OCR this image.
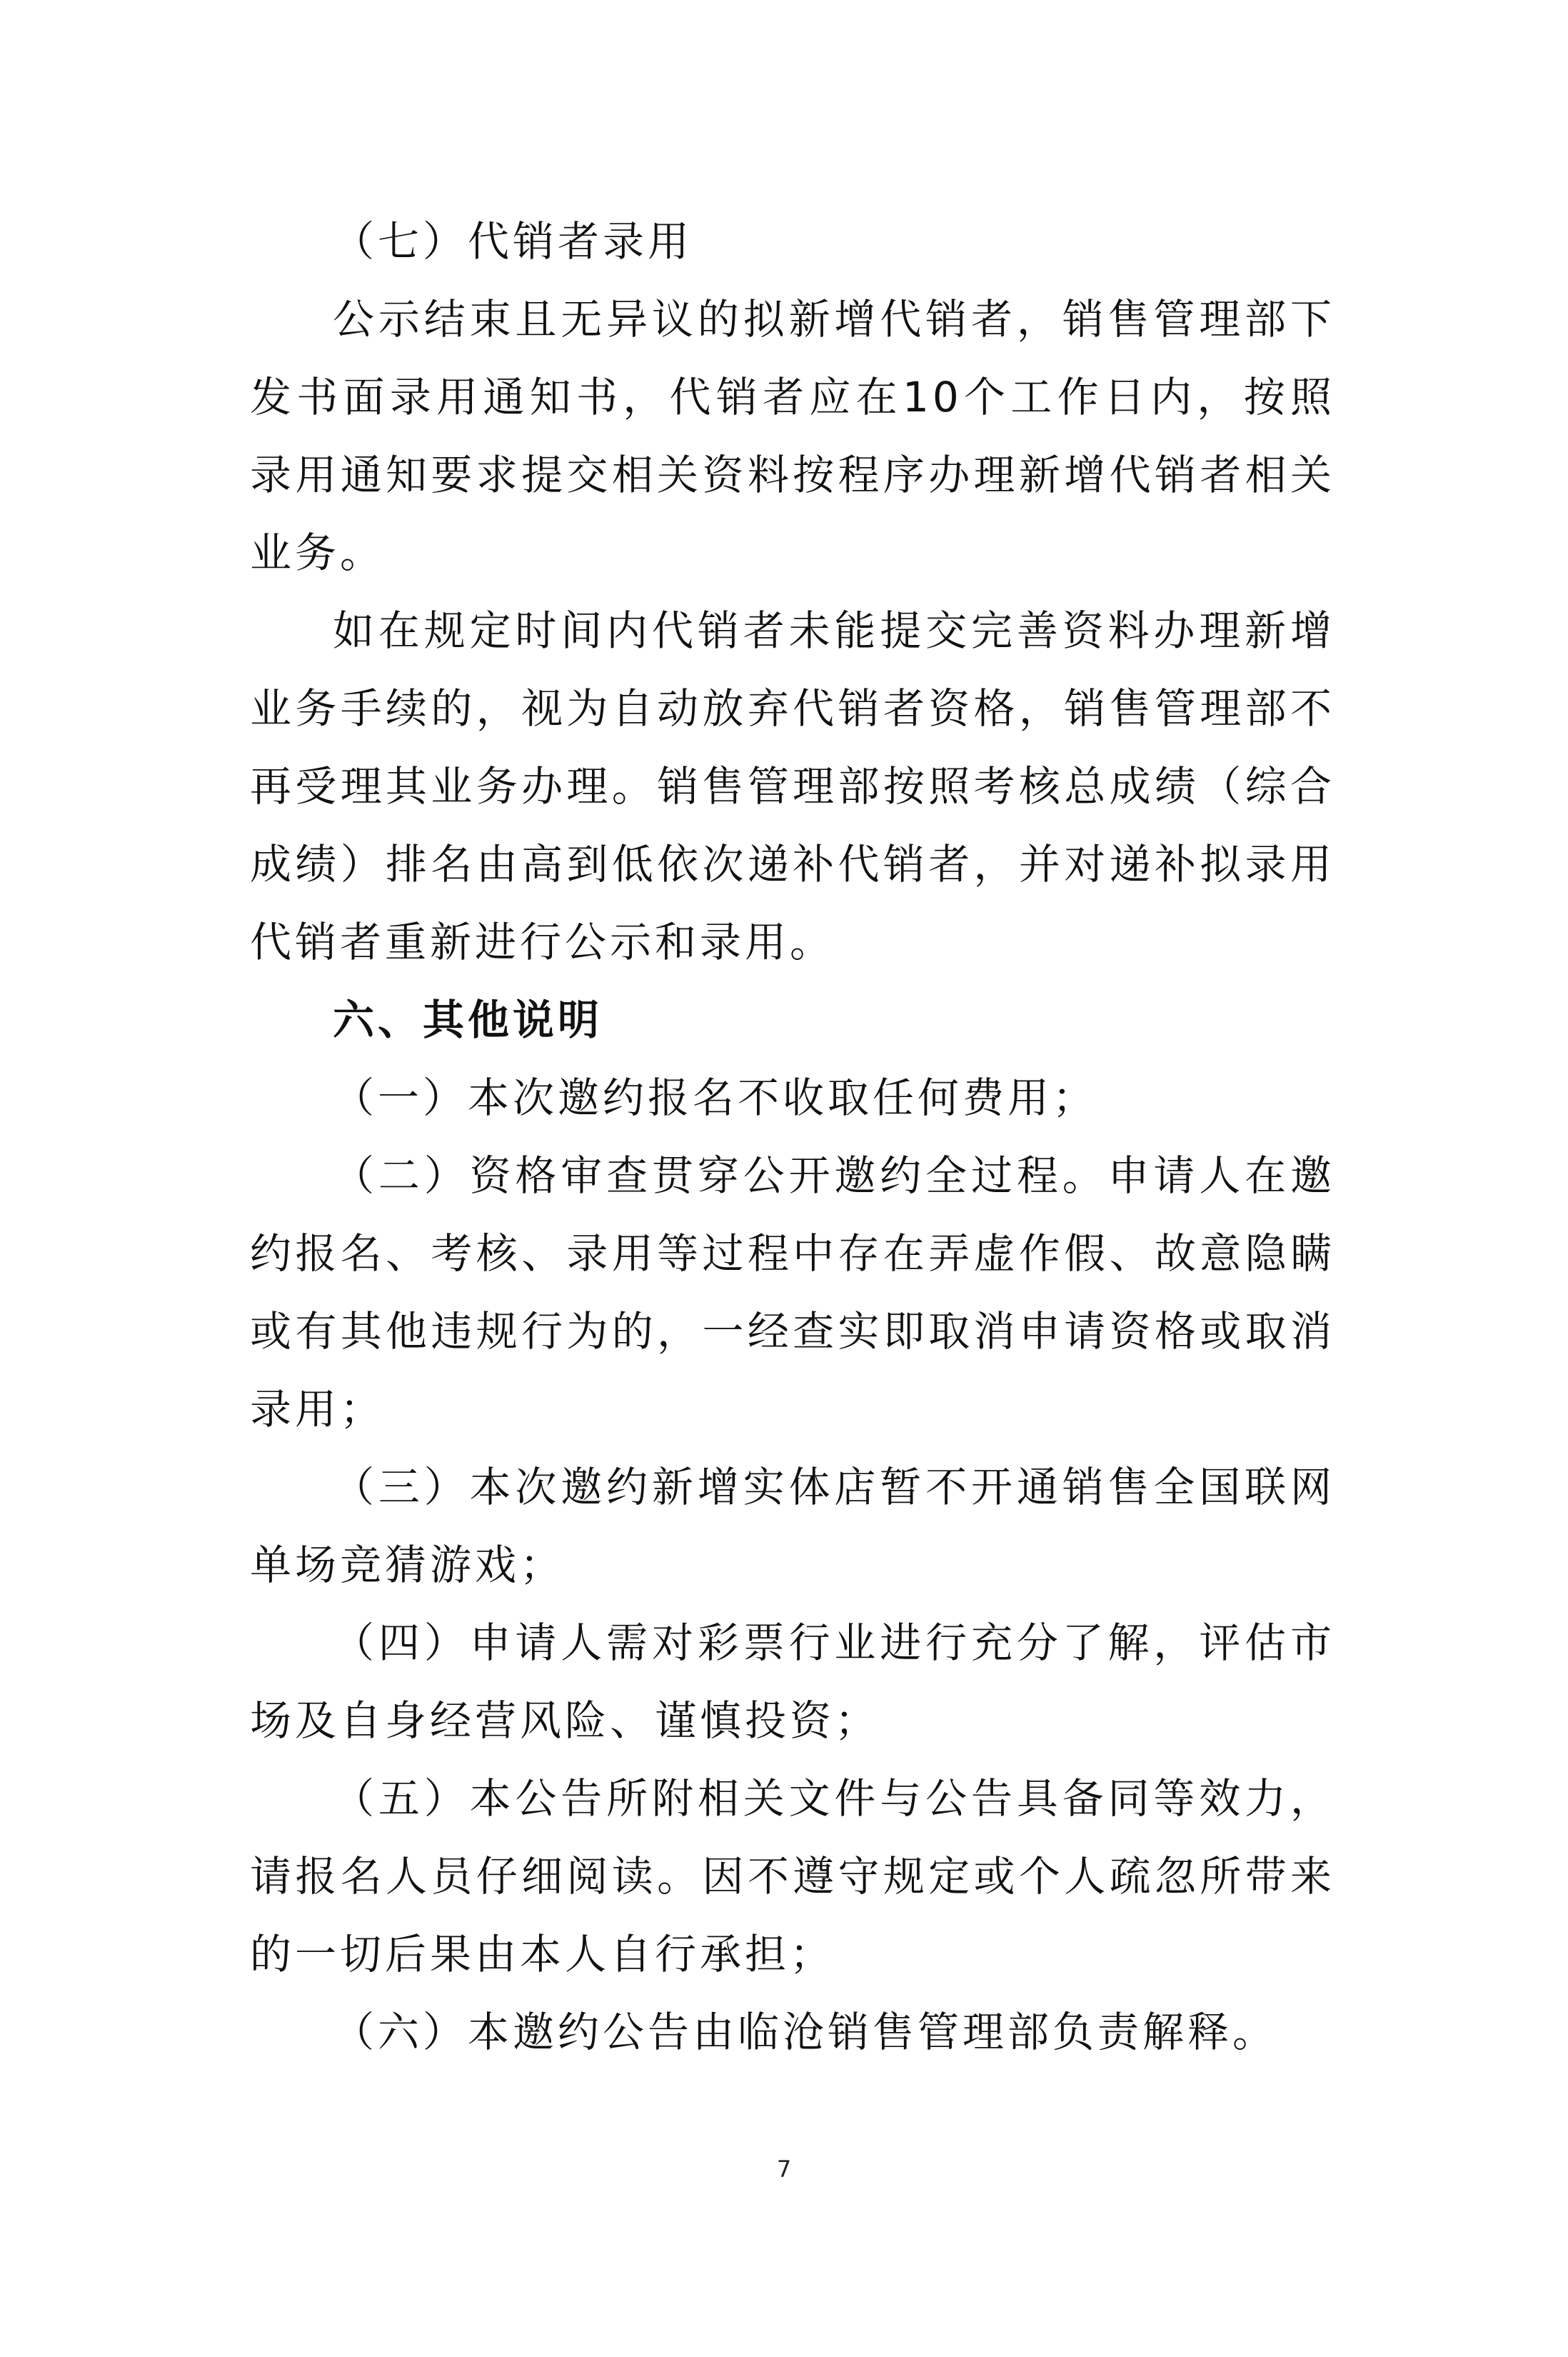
（七）代销者录用

公示结束且无异议的拟新增代销者，销售管理部下发书面录用通知书，代销者应在10个工作日内，按照录用通知要求提交相关资料按程序办理新增代销者相关业务。

如在规定时间内代销者未能提交完善资料办理新增业务手续的，视为自动放弃代销者资格，销售管理部不再受理其业务办理。销售管理部按照考核总成绩（综合成绩）排名由高到低依次递补代销者，并对递补拟录用代销者重新进行公示和录用。

六、其他说明

（一）本次邀约报名不收取任何费用；

（二）资格审查贯穿公开邀约全过程。申请人在邀约报名、考核、录用等过程中存在弄虚作假、故意隐瞒或有其他违规行为的，一经查实即取消申请资格或取消录用；

（三）本次邀约新增实体店暂不开通销售全国联网单场竞猜游戏；

（四）申请人需对彩票行业进行充分了解，评估市场及自身经营风险、谨慎投资；

（五）本公告所附相关文件与公告具备同等效力，请报名人员仔细阅读。因不遵守规定或个人疏忽所带来的一切后果由本人自行承担；

（六）本邀约公告由临沧销售管理部负责解释。

7
